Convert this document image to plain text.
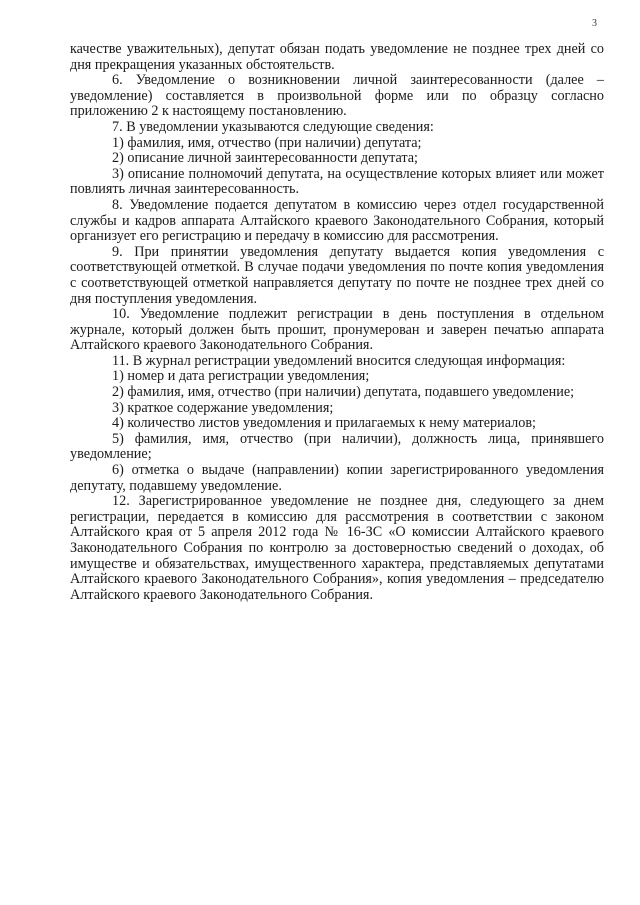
3

качестве уважительных), депутат обязан подать уведомление не позднее трех дней со дня прекращения указанных обстоятельств.

6. Уведомление о возникновении личной заинтересованности (далее – уведомление) составляется в произвольной форме или по образцу согласно приложению 2 к настоящему постановлению.

7. В уведомлении указываются следующие сведения:

1) фамилия, имя, отчество (при наличии) депутата;

2) описание личной заинтересованности депутата;

3) описание полномочий депутата, на осуществление которых влияет или может повлиять личная заинтересованность.

8. Уведомление подается депутатом в комиссию через отдел государственной службы и кадров аппарата Алтайского краевого Законодательного Собрания, который организует его регистрацию и передачу в комиссию для рассмотрения.

9. При принятии уведомления депутату выдается копия уведомления с соответствующей отметкой. В случае подачи уведомления по почте копия уведомления с соответствующей отметкой направляется депутату по почте не позднее трех дней со дня поступления уведомления.

10. Уведомление подлежит регистрации в день поступления в отдельном журнале, который должен быть прошит, пронумерован и заверен печатью аппарата Алтайского краевого Законодательного Собрания.

11. В журнал регистрации уведомлений вносится следующая информация:

1) номер и дата регистрации уведомления;

2) фамилия, имя, отчество (при наличии) депутата, подавшего уведомление;

3) краткое содержание уведомления;

4) количество листов уведомления и прилагаемых к нему материалов;

5) фамилия, имя, отчество (при наличии), должность лица, принявшего уведомление;

6) отметка о выдаче (направлении) копии зарегистрированного уведомления депутату, подавшему уведомление.

12. Зарегистрированное уведомление не позднее дня, следующего за днем регистрации, передается в комиссию для рассмотрения в соответствии с законом Алтайского края от 5 апреля 2012 года № 16-ЗС «О комиссии Алтайского краевого Законодательного Собрания по контролю за достоверностью сведений о доходах, об имуществе и обязательствах, имущественного характера, представляемых депутатами Алтайского краевого Законодательного Собрания», копия уведомления – председателю Алтайского краевого Законодательного Собрания.
